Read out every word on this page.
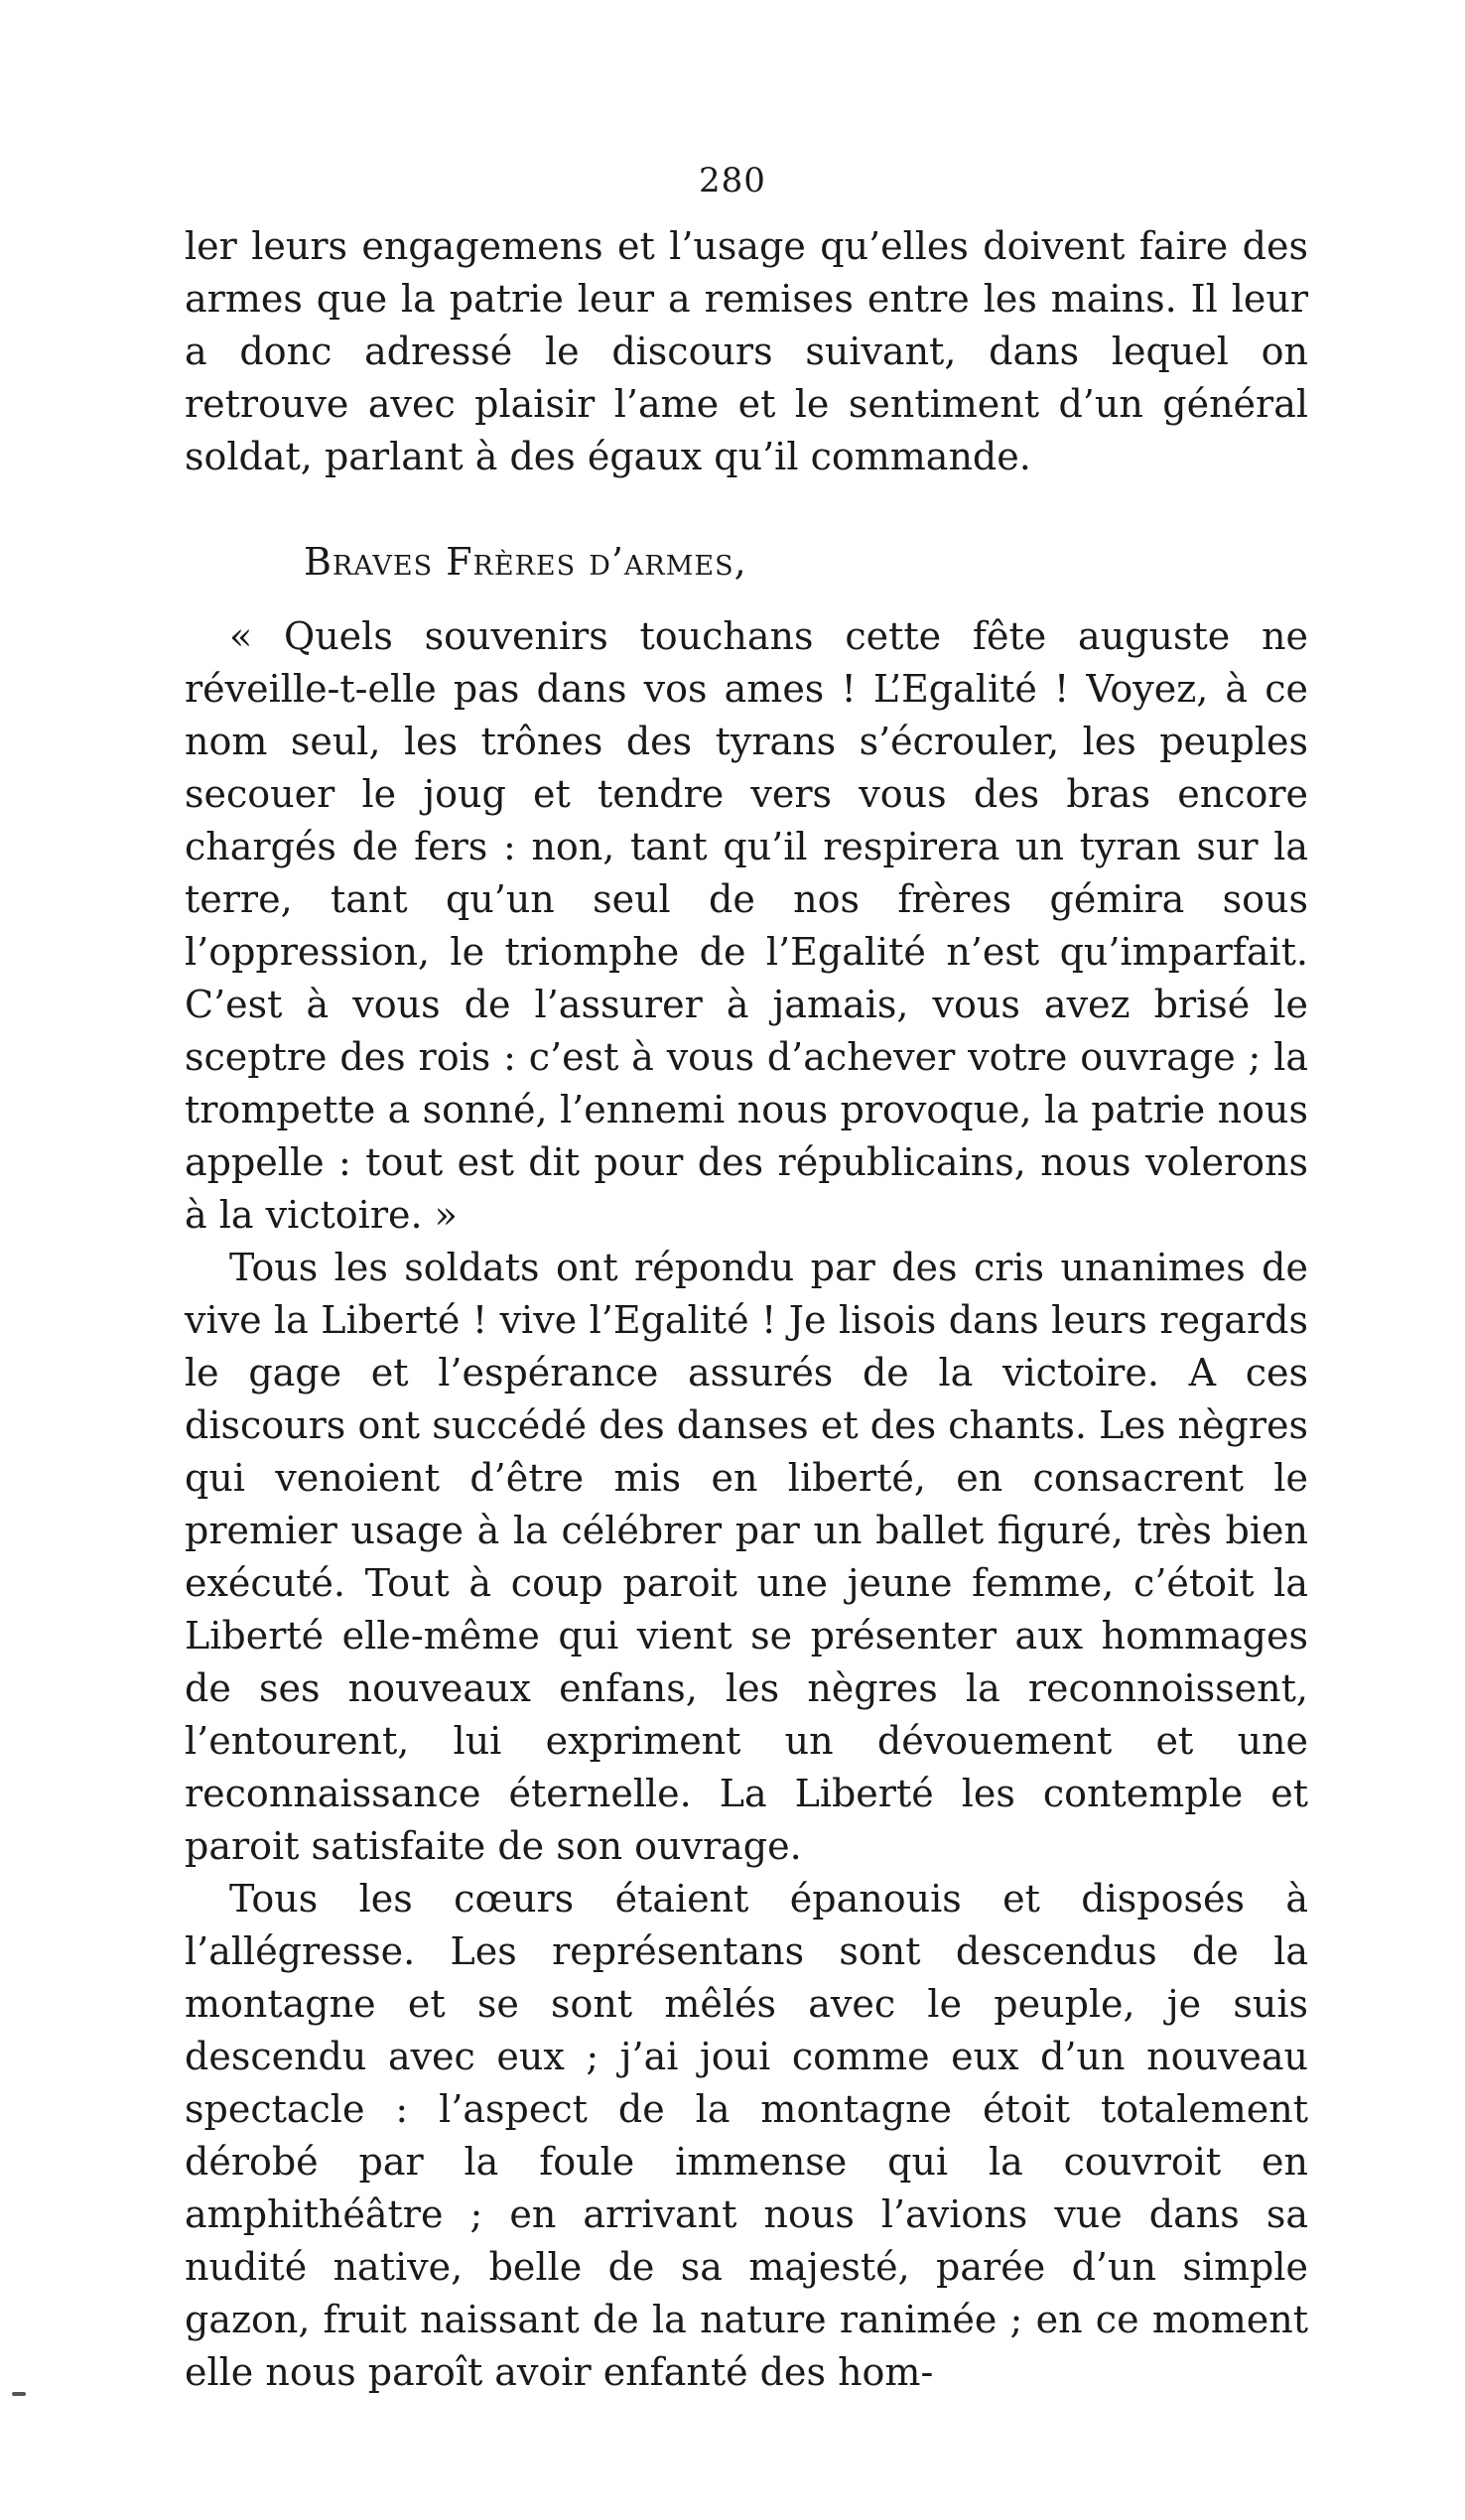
280

ler leurs engagemens et l’usage qu’elles doivent faire des armes que la patrie leur a remises entre les mains. Il leur a donc adressé le discours suivant, dans lequel on retrouve avec plaisir l’ame et le sentiment d’un général soldat, parlant à des égaux qu’il commande.

Braves Frères d’armes,

« Quels souvenirs touchans cette fête auguste ne réveille-t-elle pas dans vos ames ! L’Egalité ! Voyez, à ce nom seul, les trônes des tyrans s’écrouler, les peuples secouer le joug et tendre vers vous des bras encore chargés de fers : non, tant qu’il respirera un tyran sur la terre, tant qu’un seul de nos frères gémira sous l’oppression, le triomphe de l’Egalité n’est qu’imparfait. C’est à vous de l’assurer à jamais, vous avez brisé le sceptre des rois : c’est à vous d’achever votre ouvrage ; la trompette a sonné, l’ennemi nous provoque, la patrie nous appelle : tout est dit pour des républicains, nous volerons à la victoire. »

Tous les soldats ont répondu par des cris unanimes de vive la Liberté ! vive l’Egalité ! Je lisois dans leurs regards le gage et l’espérance assurés de la victoire. A ces discours ont succédé des danses et des chants. Les nègres qui venoient d’être mis en liberté, en consacrent le premier usage à la célébrer par un ballet figuré, très bien exécuté. Tout à coup paroit une jeune femme, c’étoit la Liberté elle-même qui vient se présenter aux hommages de ses nouveaux enfans, les nègres la reconnoissent, l’entourent, lui expriment un dévouement et une reconnaissance éternelle. La Liberté les contemple et paroit satisfaite de son ouvrage.

Tous les cœurs étaient épanouis et disposés à l’allégresse. Les représentans sont descendus de la montagne et se sont mêlés avec le peuple, je suis descendu avec eux ; j’ai joui comme eux d’un nouveau spectacle : l’aspect de la montagne étoit totalement dérobé par la foule immense qui la couvroit en amphithéâtre ; en arrivant nous l’avions vue dans sa nudité native, belle de sa majesté, parée d’un simple gazon, fruit naissant de la nature ranimée ; en ce moment elle nous paroît avoir enfanté des hom-
